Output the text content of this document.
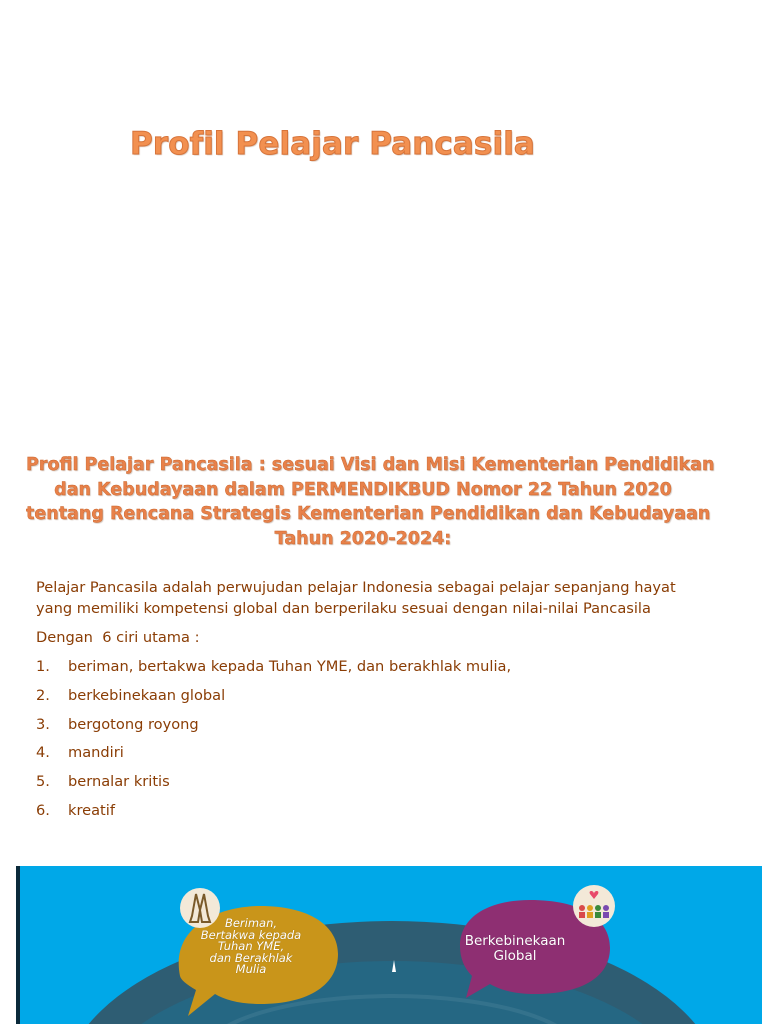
Profil Pelajar Pancasila
Profil Pelajar Pancasila : sesuai Visi dan Misi Kementerian Pendidikan
dan Kebudayaan dalam PERMENDIKBUD Nomor 22 Tahun 2020
tentang Rencana Strategis Kementerian Pendidikan dan Kebudayaan
Tahun 2020-2024:

Pelajar Pancasila adalah perwujudan pelajar Indonesia sebagai pelajar sepanjang hayat
yang memiliki kompetensi global dan berperilaku sesuai dengan nilai-nilai Pancasila

Dengan  6 ciri utama :

1. beriman, bertakwa kepada Tuhan YME, dan berakhlak mulia,
2. berkebinekaan global
3. bergotong royong
4. mandiri
5. bernalar kritis
6. kreatif
Beriman,
Bertakwa kepada
Tuhan YME,
dan Berakhlak
Mulia
Berkebinekaan
Global
